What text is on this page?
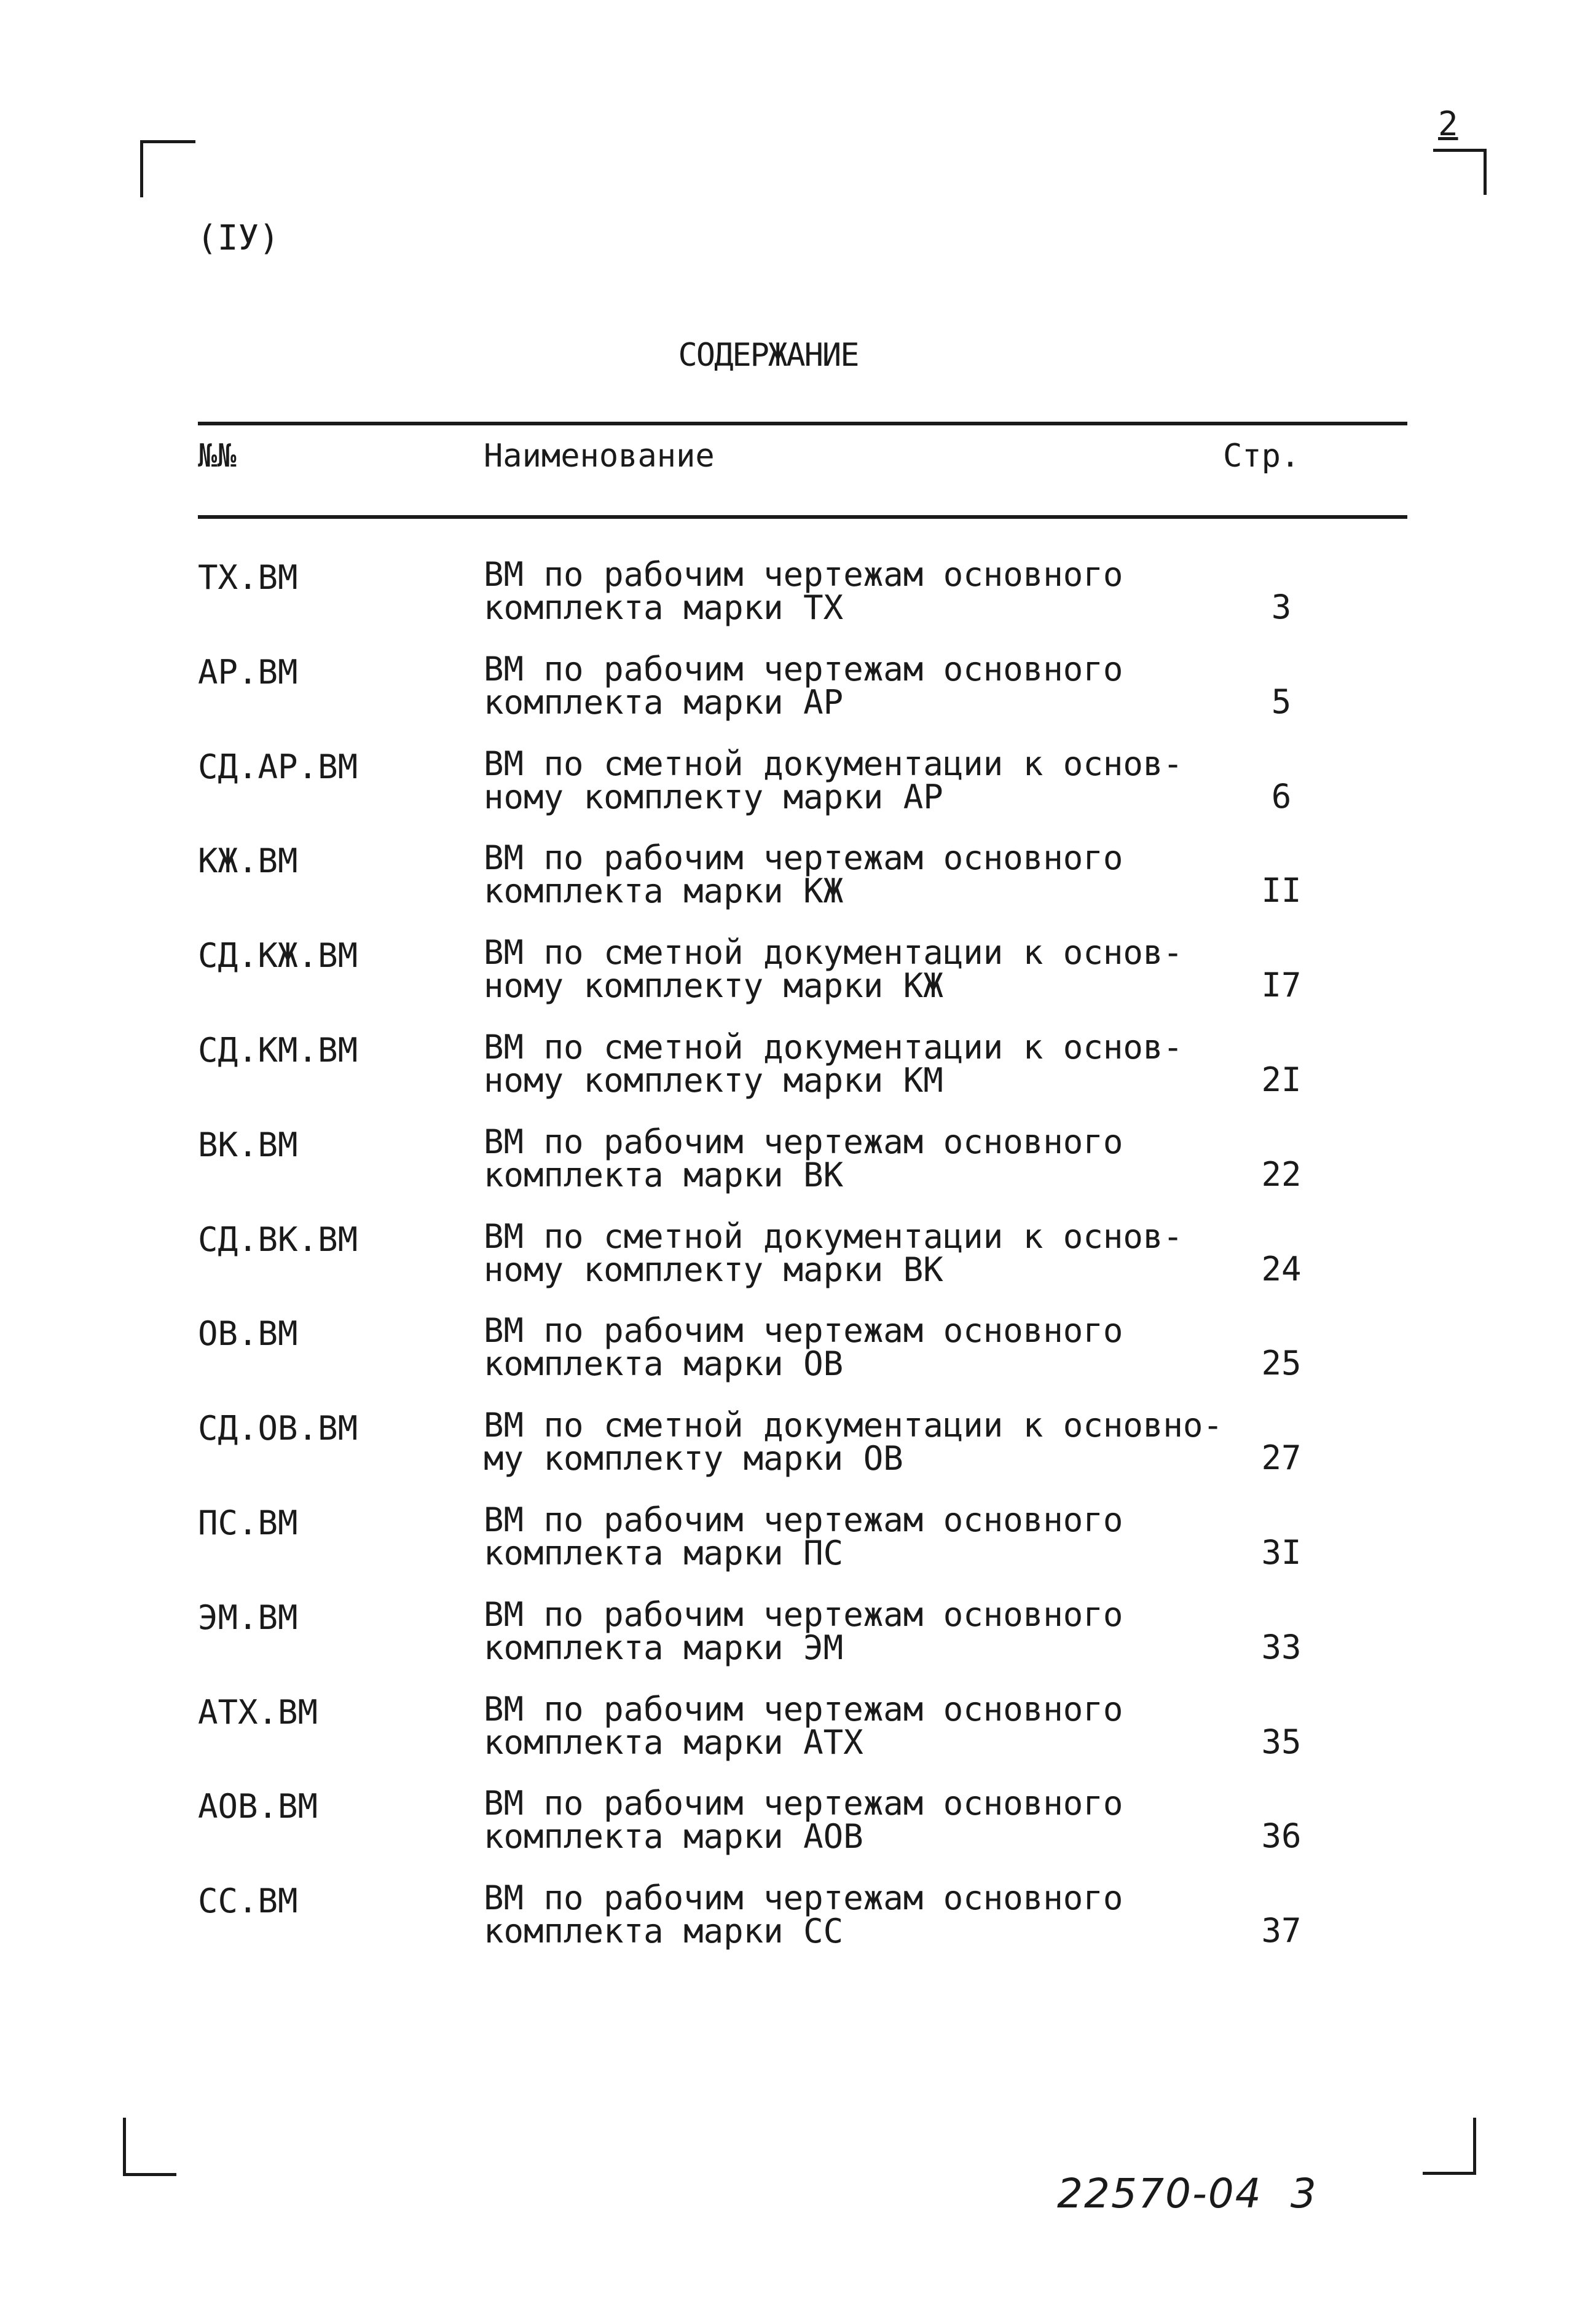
2
(IУ)
СОДЕРЖАНИЕ
№№	Наименование	Стр.
ТХ.ВМ	ВМ по рабочим чертежам основного
комплекта марки ТХ	3
АР.ВМ	ВМ по рабочим чертежам основного
комплекта марки АР	5
СД.АР.ВМ	ВМ по сметной документации к основ-
ному комплекту марки АР	6
КЖ.ВМ	ВМ по рабочим чертежам основного
комплекта марки КЖ	II
СД.КЖ.ВМ	ВМ по сметной документации к основ-
ному комплекту марки КЖ	I7
СД.КМ.ВМ	ВМ по сметной документации к основ-
ному комплекту марки КМ	2I
ВК.ВМ	ВМ по рабочим чертежам основного
комплекта марки ВК	22
СД.ВК.ВМ	ВМ по сметной документации к основ-
ному комплекту марки ВК	24
ОВ.ВМ	ВМ по рабочим чертежам основного
комплекта марки ОВ	25
СД.ОВ.ВМ	ВМ по сметной документации к основно-
му комплекту марки ОВ	27
ПС.ВМ	ВМ по рабочим чертежам основного
комплекта марки ПС	3I
ЭМ.ВМ	ВМ по рабочим чертежам основного
комплекта марки ЭМ	33
АТХ.ВМ	ВМ по рабочим чертежам основного
комплекта марки АТХ	35
АОВ.ВМ	ВМ по рабочим чертежам основного
комплекта марки АОВ	36
СС.ВМ	ВМ по рабочим чертежам основного
комплекта марки СС	37
22570-04 3
